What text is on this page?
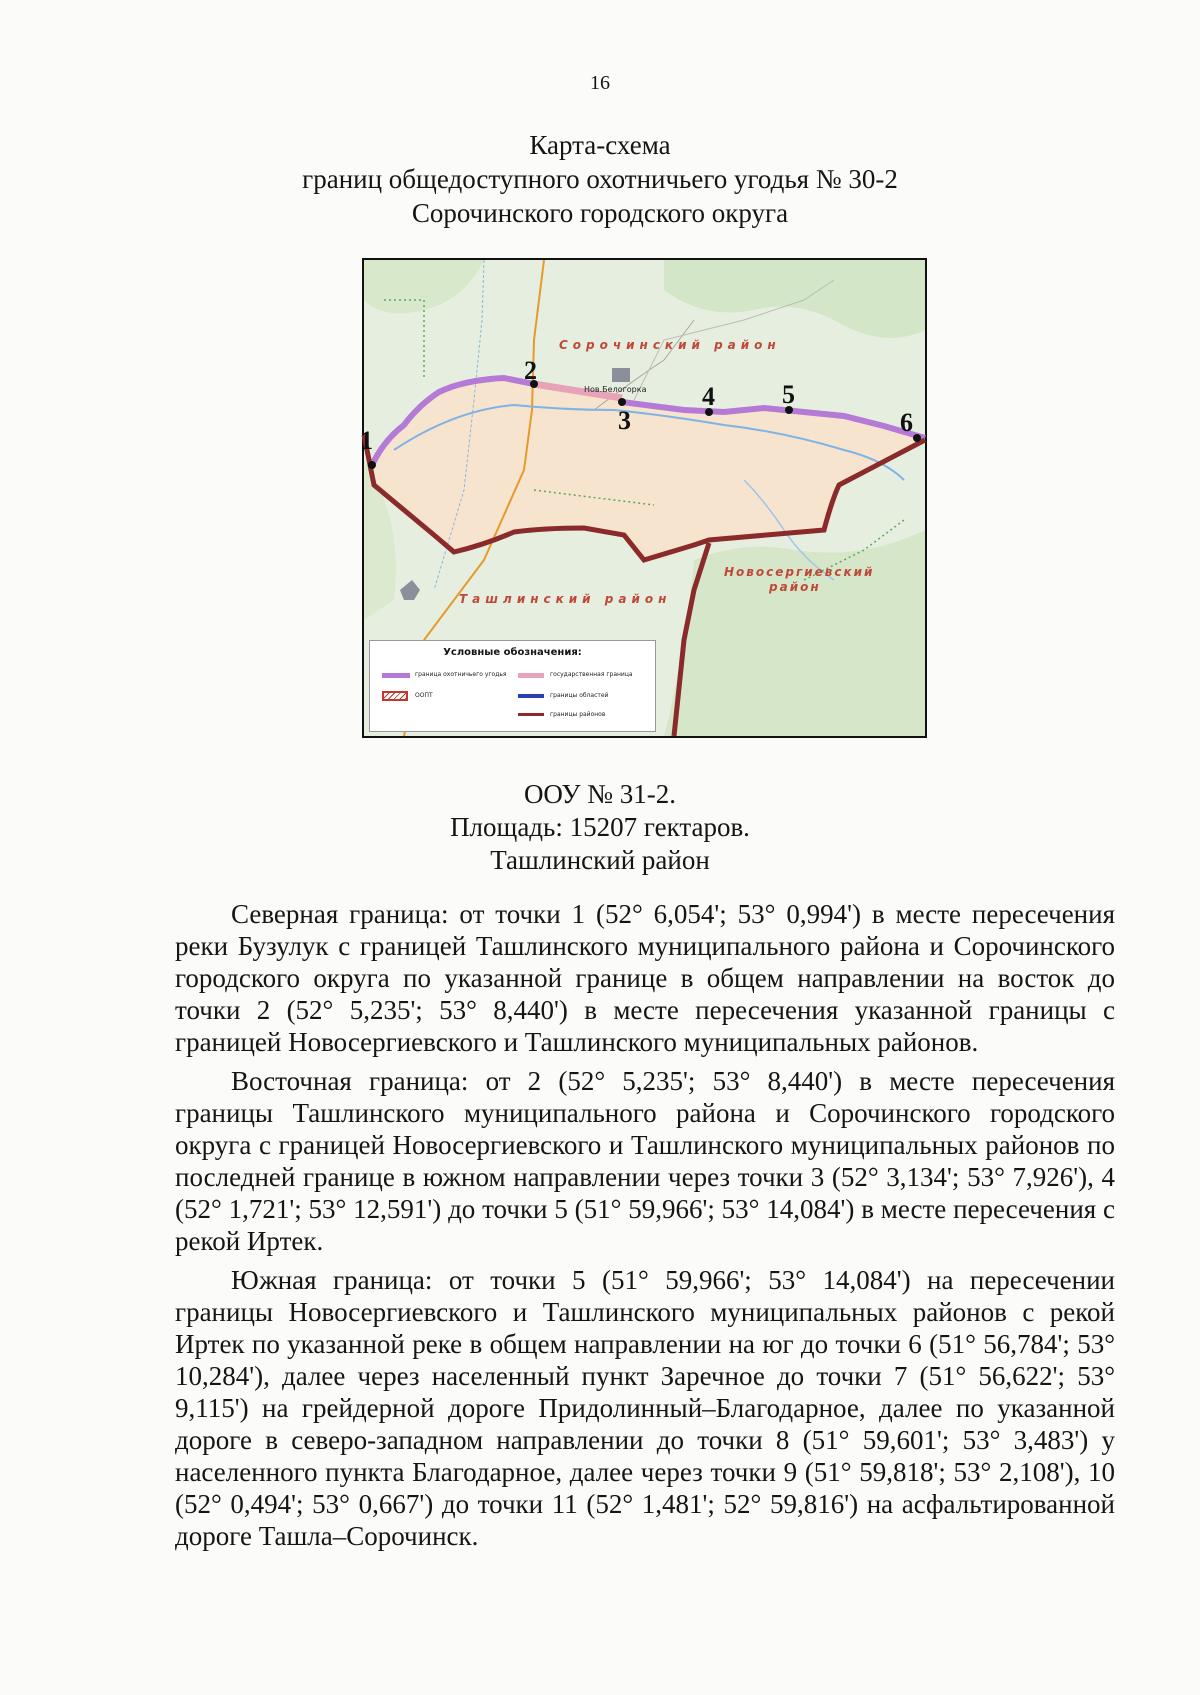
16
Карта-схема
границ общедоступного охотничьего угодья № 30-2
Сорочинского городского округа
Сорочинский район
Ташлинский район
Новосергиевский
район
Нов.Белогорка
1
2
3
4	5
6
Условные обозначения:
граница охотничьего угодья	государственная граница
ООПТ	границы областей
границы районов
ООУ № 31-2.
Площадь: 15207 гектаров.
Ташлинский район

Северная граница: от точки 1 (52° 6,054'; 53° 0,994') в месте пересечения реки Бузулук с границей Ташлинского муниципального района и Сорочинского городского округа по указанной границе в общем направлении на восток до точки 2 (52° 5,235'; 53° 8,440') в месте пересечения указанной границы с границей Новосергиевского и Ташлинского муниципальных районов.

Восточная граница: от 2 (52° 5,235'; 53° 8,440') в месте пересечения границы Ташлинского муниципального района и Сорочинского городского округа с границей Новосергиевского и Ташлинского муниципальных районов по последней границе в южном направлении через точки 3 (52° 3,134'; 53° 7,926'), 4 (52° 1,721'; 53° 12,591') до точки 5 (51° 59,966'; 53° 14,084') в месте пересечения с рекой Иртек.

Южная граница: от точки 5 (51° 59,966'; 53° 14,084') на пересечении границы Новосергиевского и Ташлинского муниципальных районов с рекой Иртек по указанной реке в общем направлении на юг до точки 6 (51° 56,784'; 53° 10,284'), далее через населенный пункт Заречное до точки 7 (51° 56,622'; 53° 9,115') на грейдерной дороге Придолинный–Благодарное, далее по указанной дороге в северо-западном направлении до точки 8 (51° 59,601'; 53° 3,483') у населенного пункта Благодарное, далее через точки 9 (51° 59,818'; 53° 2,108'), 10 (52° 0,494'; 53° 0,667') до точки 11 (52° 1,481'; 52° 59,816') на асфальтированной дороге Ташла–Сорочинск.
